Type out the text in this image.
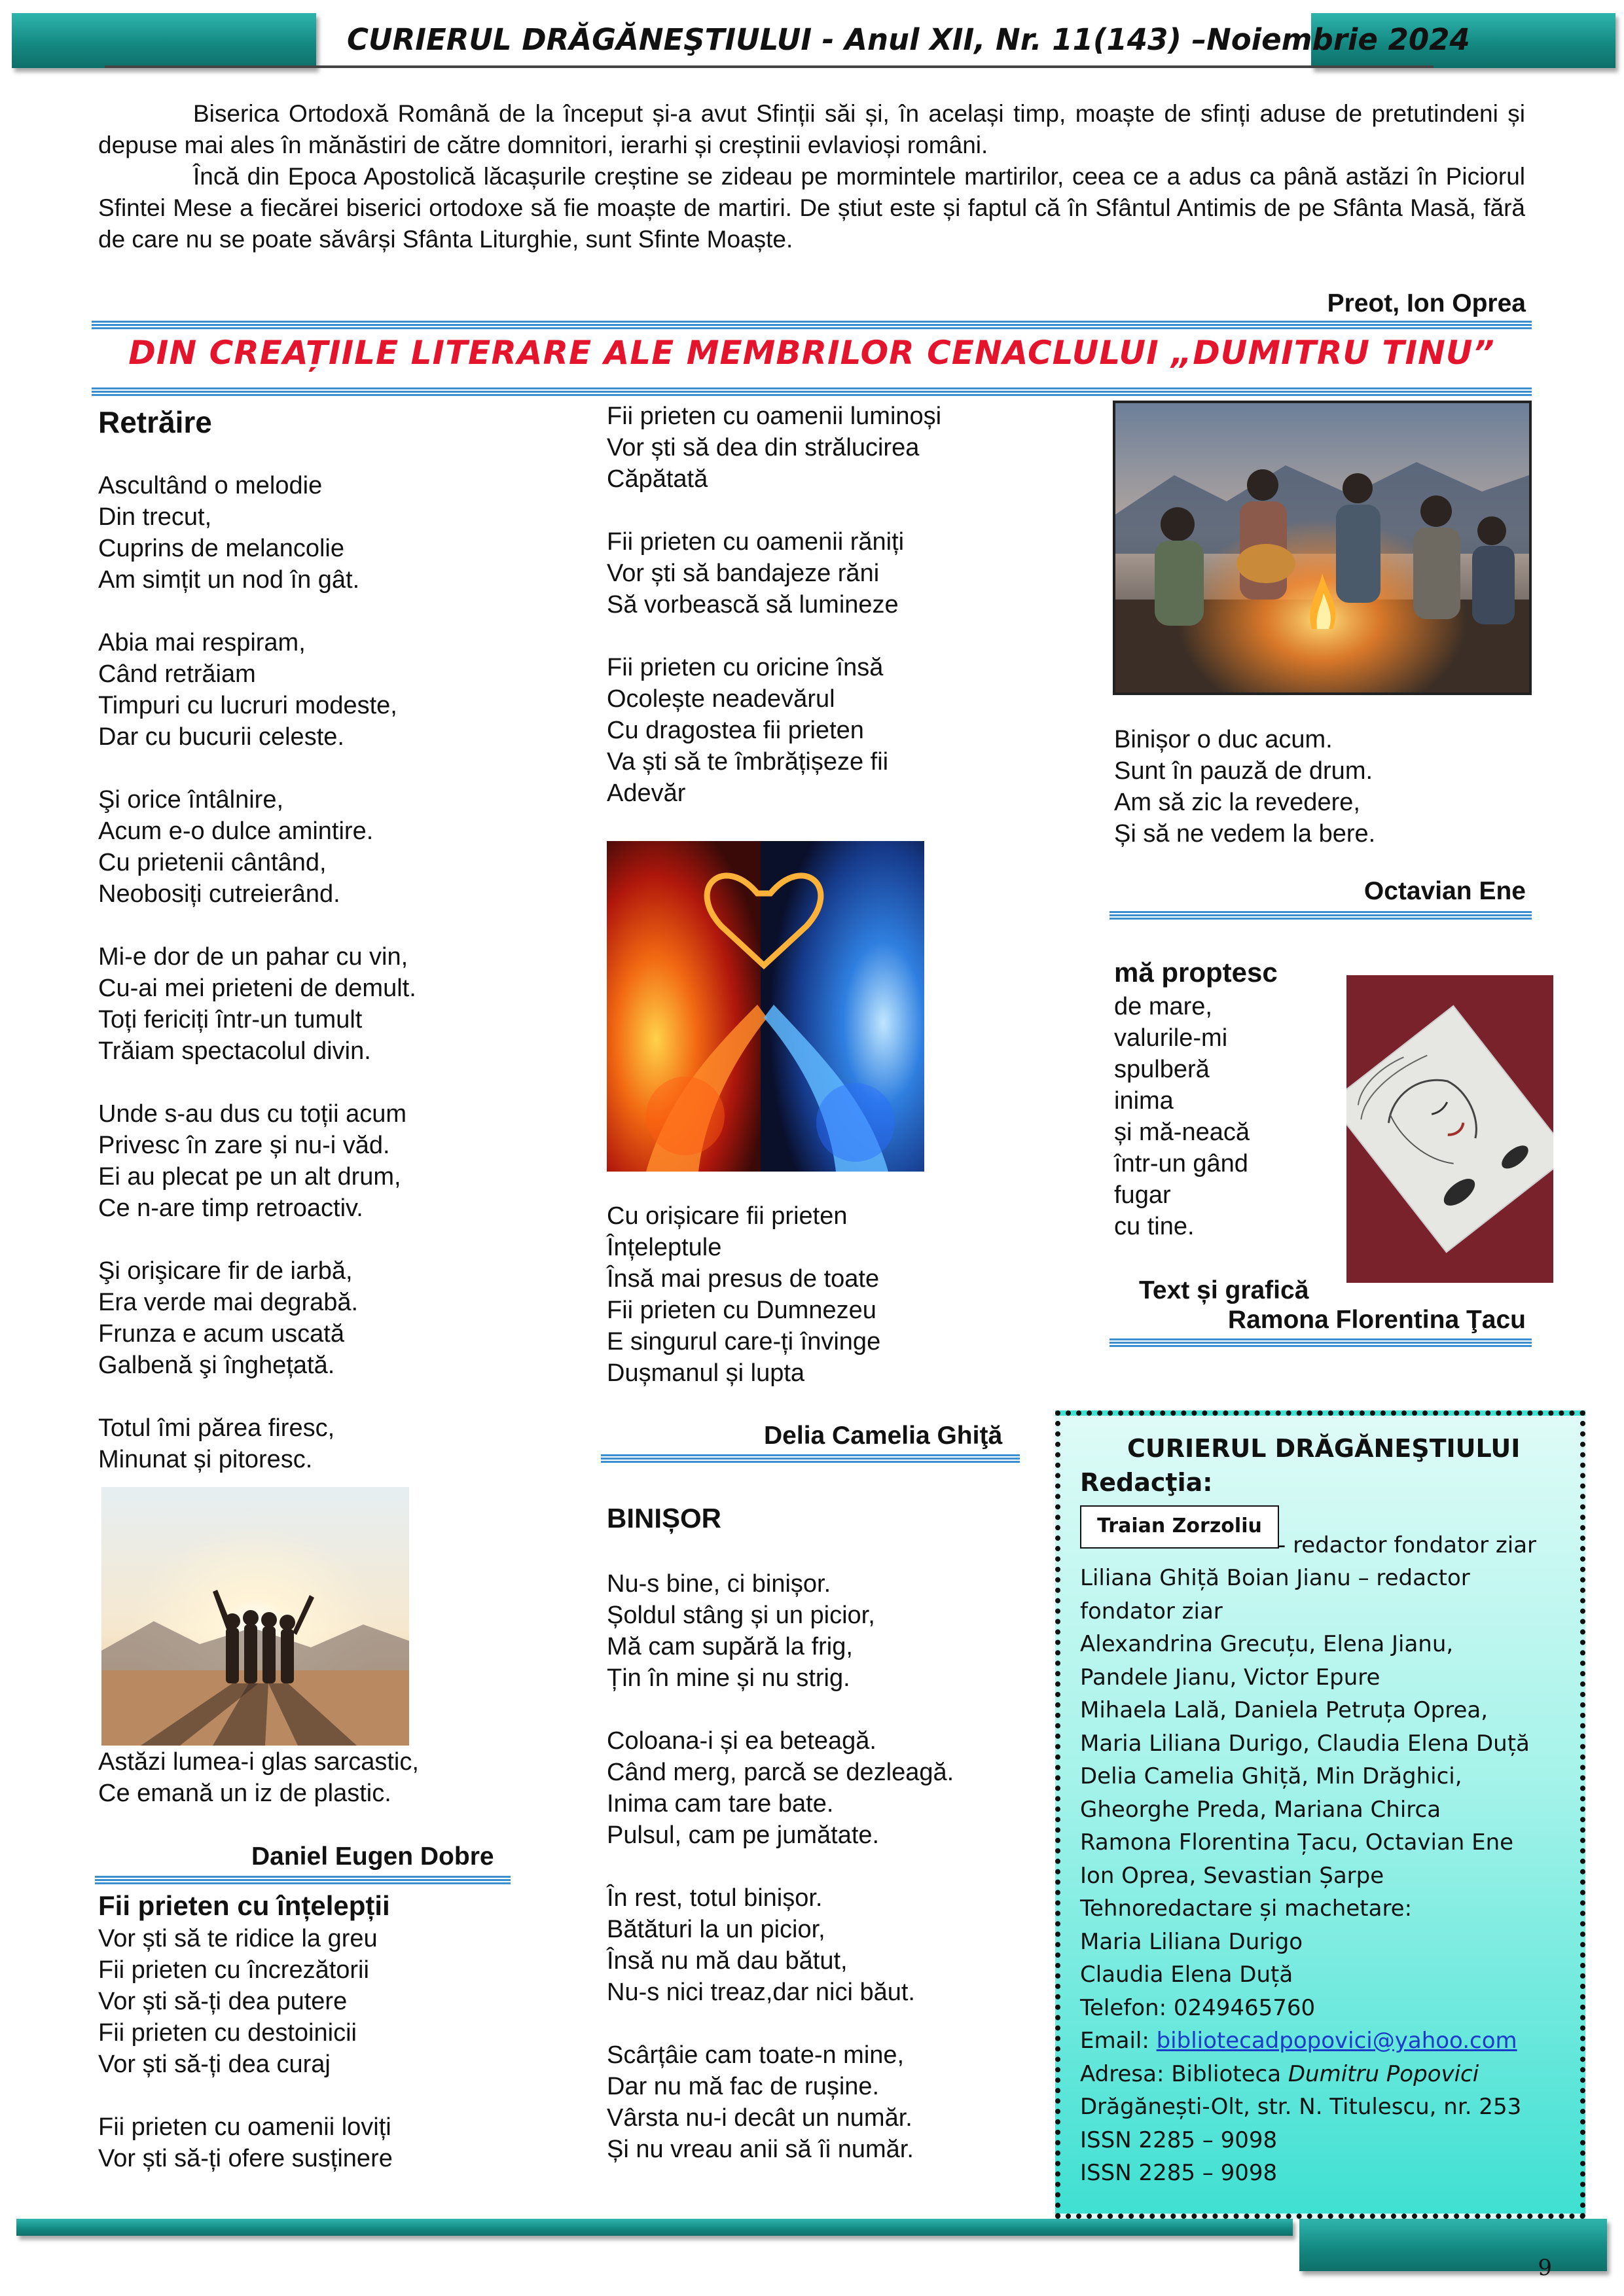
CURIERUL DRĂGĂNEŞTIULUI - Anul XII, Nr. 11(143) –Noiembrie 2024

Biserica Ortodoxă Română de la început și-a avut Sfinții săi și, în același timp, moaște de sfinți aduse de pretutindeni și depuse mai ales în mănăstiri de către domnitori, ierarhi și creștinii evlavioși români.

Încă din Epoca Apostolică lăcașurile creștine se zideau pe mormintele martirilor, ceea ce a adus ca până astăzi în Piciorul Sfintei Mese a fiecărei biserici ortodoxe să fie moaște de martiri. De știut este și faptul că în Sfântul Antimis de pe Sfânta Masă, fără de care nu se poate săvârși Sfânta Liturghie, sunt Sfinte Moaște.

Preot, Ion Oprea
DIN CREAȚIILE LITERARE ALE MEMBRILOR CENACLULUI „DUMITRU TINU”
Retrăire
Ascultând o melodie
Din trecut,
Cuprins de melancolie
Am simțit un nod în gât.
Abia mai respiram,
Când retrăiam
Timpuri cu lucruri modeste,
Dar cu bucurii celeste.
Şi orice întâlnire,
Acum e-o dulce amintire.
Cu prietenii cântând,
Neobosiți cutreierând.
Mi-e dor de un pahar cu vin,
Cu-ai mei prieteni de demult.
Toți fericiți într-un tumult
Trăiam spectacolul divin.
Unde s-au dus cu toții acum
Privesc în zare și nu-i văd.
Ei au plecat pe un alt drum,
Ce n-are timp retroactiv.
Şi orişicare fir de iarbă,
Era verde mai degrabă.
Frunza e acum uscată
Galbenă şi înghețată.
Totul îmi părea firesc,
Minunat și pitoresc.
Astăzi lumea-i glas sarcastic,
Ce emană un iz de plastic.
Daniel Eugen Dobre
Fii prieten cu înțelepții
Vor ști să te ridice la greu
Fii prieten cu încrezătorii
Vor ști să-ți dea putere
Fii prieten cu destoinicii
Vor ști să-ți dea curaj
Fii prieten cu oamenii loviți
Vor ști să-ți ofere susținere
Fii prieten cu oamenii luminoși
Vor ști să dea din strălucirea
Căpătată
Fii prieten cu oamenii răniți
Vor ști să bandajeze răni
Să vorbească să lumineze
Fii prieten cu oricine însă
Ocolește neadevărul
Cu dragostea fii prieten
Va ști să te îmbrățișeze fii
Adevăr
Cu orișicare fii prieten
Înțeleptule
Însă mai presus de toate
Fii prieten cu Dumnezeu
E singurul care-ți învinge
Dușmanul și lupta
Delia Camelia Ghiţă
BINIȘOR
Nu-s bine, ci binișor.
Șoldul stâng și un picior,
Mă cam supără la frig,
Țin în mine și nu strig.
Coloana-i și ea beteagă.
Când merg, parcă se dezleagă.
Inima cam tare bate.
Pulsul, cam pe jumătate.
În rest, totul binișor.
Bătături la un picior,
Însă nu mă dau bătut,
Nu-s nici treaz,dar nici băut.
Scârțâie cam toate-n mine,
Dar nu mă fac de rușine.
Vârsta nu-i decât un număr.
Și nu vreau anii să îi număr.
Binișor o duc acum.
Sunt în pauză de drum.
Am să zic la revedere,
Și să ne vedem la bere.
Octavian Ene
mă proptesc
de mare,
valurile-mi
spulberă
inima
și mă-neacă
într-un gând
fugar
cu tine.
Text și grafică
Ramona Florentina Ţacu
CURIERUL DRĂGĂNEŞTIULUI
Redacţia:
Traian Zorzoliu
- redactor fondator ziar
Liliana Ghiță Boian Jianu – redactor
fondator ziar
Alexandrina Grecuțu, Elena Jianu,
Pandele Jianu, Victor Epure
Mihaela Lală, Daniela Petruța Oprea,
Maria Liliana Durigo, Claudia Elena Duță
Delia Camelia Ghiță, Min Drăghici,
Gheorghe Preda, Mariana Chirca
Ramona Florentina Țacu, Octavian Ene
Ion Oprea, Sevastian Șarpe
Tehnoredactare și machetare:
Maria Liliana Durigo
Claudia Elena Duță
Telefon: 0249465760
Email: bibliotecadpopovici@yahoo.com
Adresa: Biblioteca Dumitru Popovici
Drăgănești-Olt, str. N. Titulescu, nr. 253
ISSN 2285 – 9098
ISSN 2285 – 9098
9
